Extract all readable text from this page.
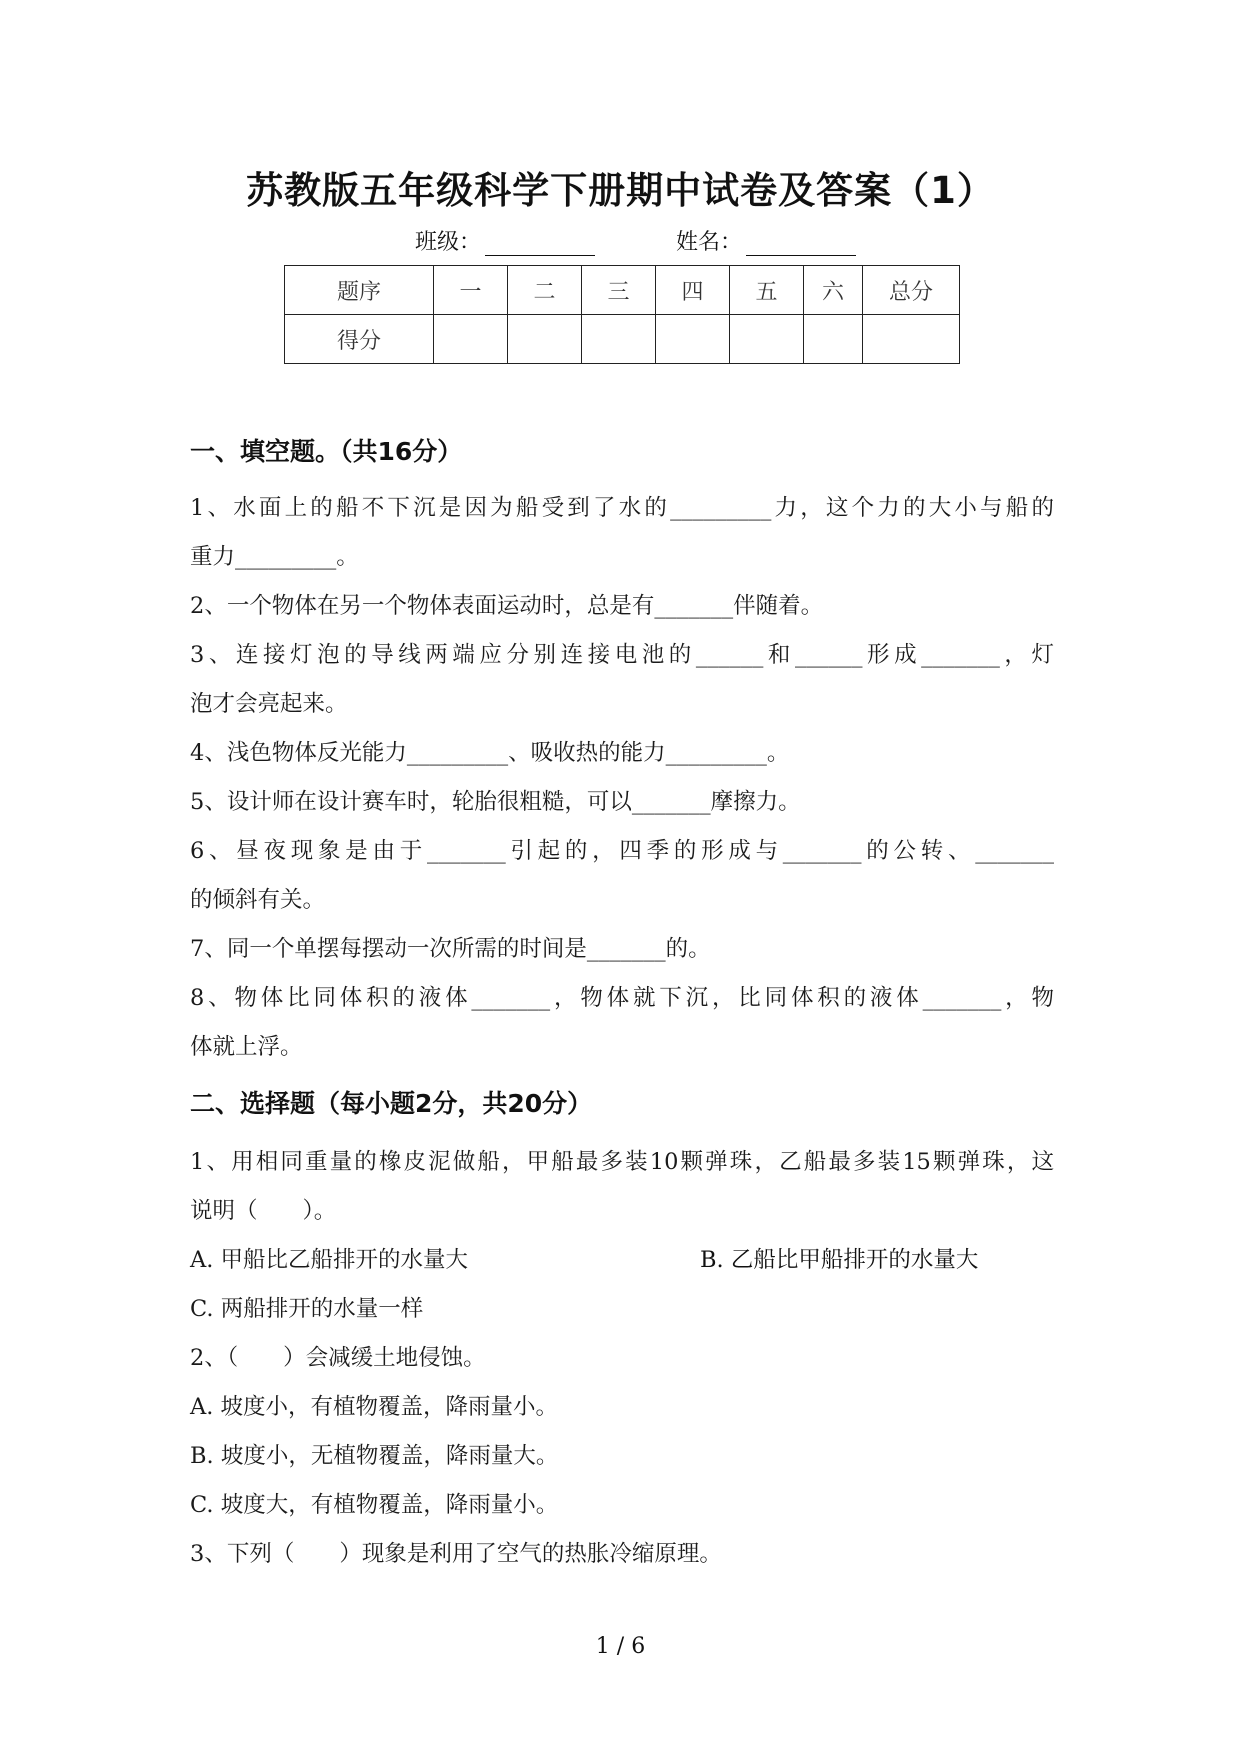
苏教版五年级科学下册期中试卷及答案（1）
班级：	姓名：
题序	一	二	三	四	五	六	总分
得分							
一、填空题。（共16分）
1、水面上的船不下沉是因为船受到了水的_________力，这个力的大小与船的
重力_________。
2、一个物体在另一个物体表面运动时，总是有_______伴随着。
3、连接灯泡的导线两端应分别连接电池的______和______形成_______，灯
泡才会亮起来。
4、浅色物体反光能力_________、吸收热的能力_________。
5、设计师在设计赛车时，轮胎很粗糙，可以_______摩擦力。
6、昼夜现象是由于_______引起的，四季的形成与_______的公转、_______
的倾斜有关。
7、同一个单摆每摆动一次所需的时间是_______的。
8、物体比同体积的液体_______，物体就下沉，比同体积的液体_______，物
体就上浮。
二、选择题（每小题2分，共20分）
1、用相同重量的橡皮泥做船，甲船最多装10颗弹珠，乙船最多装15颗弹珠，这
说明（　　）。
A. 甲船比乙船排开的水量大	B. 乙船比甲船排开的水量大
C. 两船排开的水量一样
2、（　　）会减缓土地侵蚀。
A. 坡度小，有植物覆盖，降雨量小。
B. 坡度小，无植物覆盖，降雨量大。
C. 坡度大，有植物覆盖，降雨量小。
3、下列（　　）现象是利用了空气的热胀冷缩原理。
1 / 6
